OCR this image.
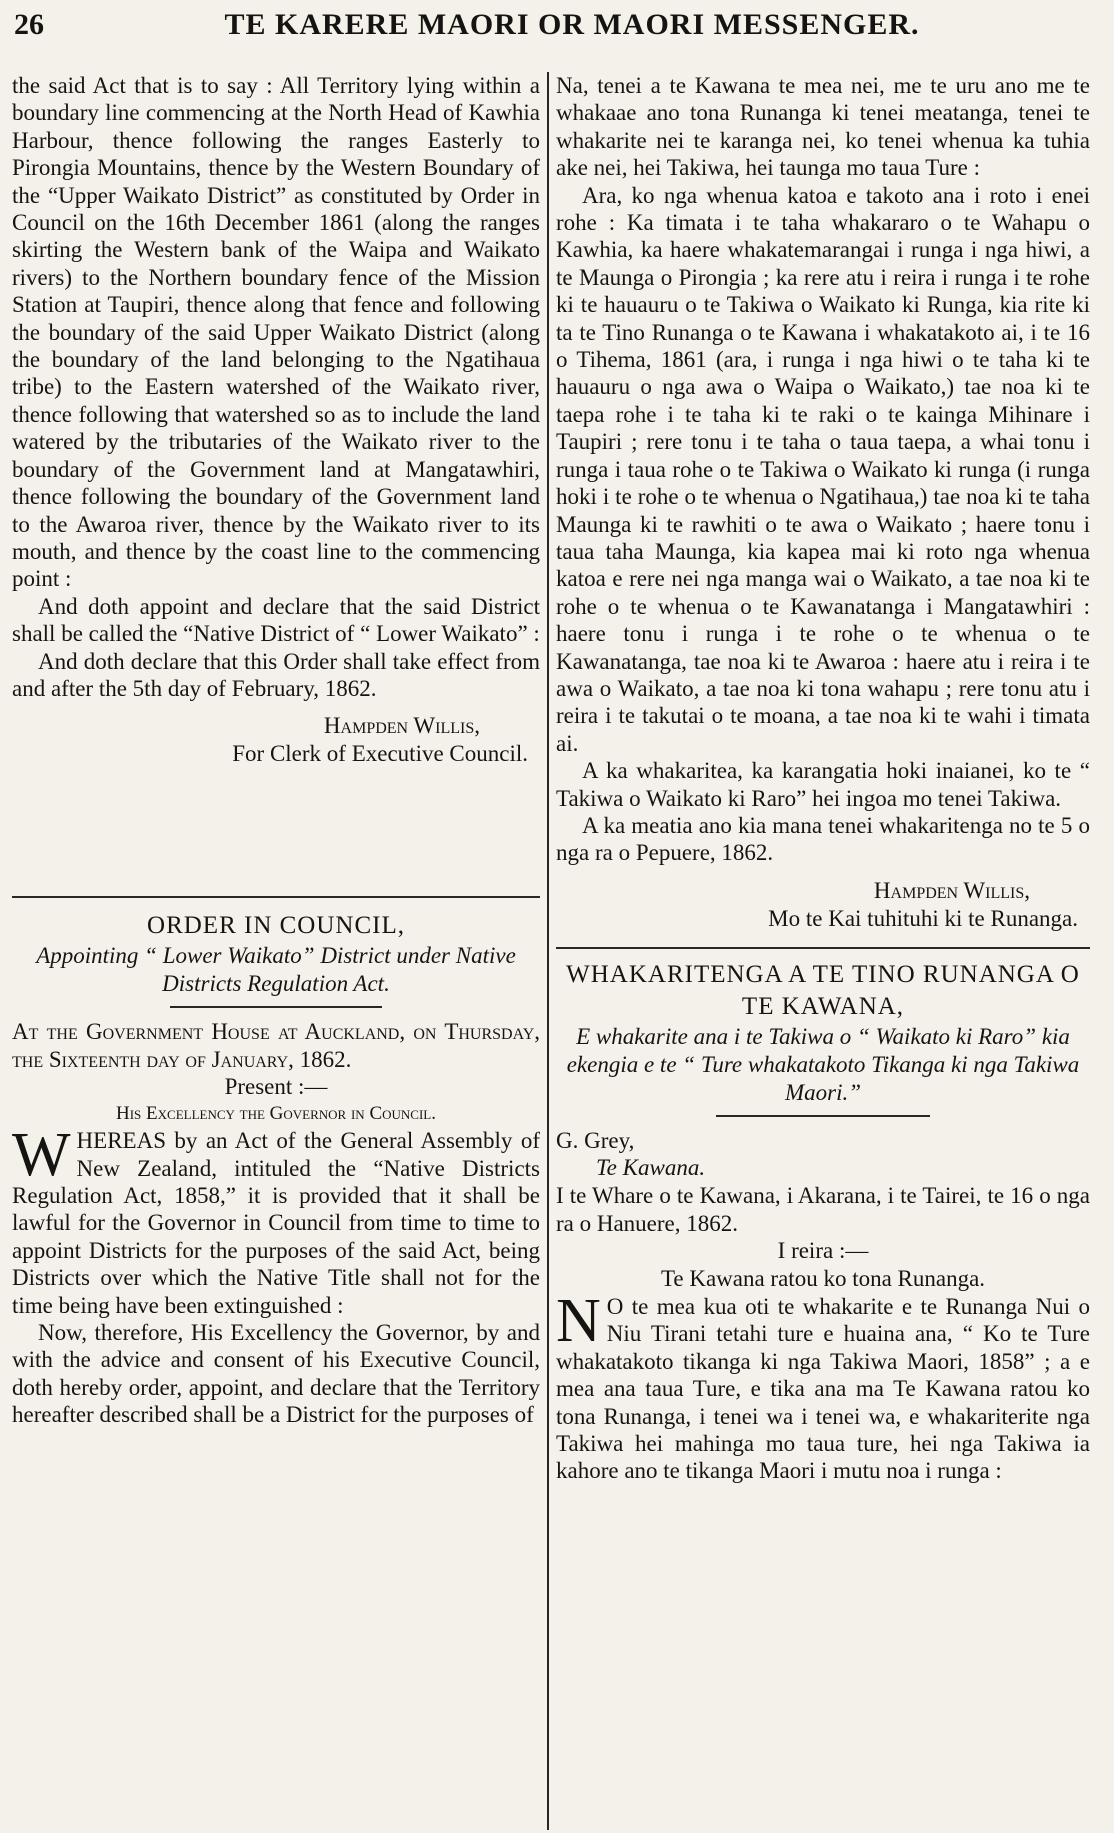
26	TE KARERE MAORI OR MAORI MESSENGER.

the said Act that is to say : All Territory lying within a boundary line commencing at the North Head of Kawhia Harbour, thence following the ranges Easterly to Pirongia Mountains, thence by the Western Boundary of the “Upper Waikato District” as constituted by Order in Council on the 16th December 1861 (along the ranges skirting the Western bank of the Waipa and Waikato rivers) to the Northern boundary fence of the Mission Station at Taupiri, thence along that fence and following the boundary of the said Upper Waikato District (along the boundary of the land belonging to the Ngatihaua tribe) to the Eastern watershed of the Waikato river, thence following that watershed so as to include the land watered by the tributaries of the Waikato river to the boundary of the Government land at Mangatawhiri, thence following the boundary of the Government land to the Awaroa river, thence by the Waikato river to its mouth, and thence by the coast line to the commencing point :

And doth appoint and declare that the said District shall be called the “Native District of “ Lower Waikato” :

And doth declare that this Order shall take effect from and after the 5th day of February, 1862.

Hampden Willis,

For Clerk of Executive Council.

ORDER IN COUNCIL,

Appointing “ Lower Waikato” District under Native Districts Regulation Act.

At the Government House at Auckland, on Thursday, the Sixteenth day of January, 1862.

Present :—

His Excellency the Governor in Council.

WHEREAS by an Act of the General Assembly of New Zealand, intituled the “Native Districts Regulation Act, 1858,” it is provided that it shall be lawful for the Governor in Council from time to time to appoint Districts for the purposes of the said Act, being Districts over which the Native Title shall not for the time being have been extinguished :

Now, therefore, His Excellency the Governor, by and with the advice and consent of his Executive Council, doth hereby order, appoint, and declare that the Territory hereafter described shall be a District for the purposes of

Na, tenei a te Kawana te mea nei, me te uru ano me te whakaae ano tona Runanga ki tenei meatanga, tenei te whakarite nei te karanga nei, ko tenei whenua ka tuhia ake nei, hei Takiwa, hei taunga mo taua Ture :

Ara, ko nga whenua katoa e takoto ana i roto i enei rohe : Ka timata i te taha whakararo o te Wahapu o Kawhia, ka haere whakatemarangai i runga i nga hiwi, a te Maunga o Pirongia ; ka rere atu i reira i runga i te rohe ki te hauauru o te Takiwa o Waikato ki Runga, kia rite ki ta te Tino Runanga o te Kawana i whakatakoto ai, i te 16 o Tihema, 1861 (ara, i runga i nga hiwi o te taha ki te hauauru o nga awa o Waipa o Waikato,) tae noa ki te taepa rohe i te taha ki te raki o te kainga Mihinare i Taupiri ; rere tonu i te taha o taua taepa, a whai tonu i runga i taua rohe o te Takiwa o Waikato ki runga (i runga hoki i te rohe o te whenua o Ngatihaua,) tae noa ki te taha Maunga ki te rawhiti o te awa o Waikato ; haere tonu i taua taha Maunga, kia kapea mai ki roto nga whenua katoa e rere nei nga manga wai o Waikato, a tae noa ki te rohe o te whenua o te Kawanatanga i Mangatawhiri : haere tonu i runga i te rohe o te whenua o te Kawanatanga, tae noa ki te Awaroa : haere atu i reira i te awa o Waikato, a tae noa ki tona wahapu ; rere tonu atu i reira i te takutai o te moana, a tae noa ki te wahi i timata ai.

A ka whakaritea, ka karangatia hoki inaianei, ko te “ Takiwa o Waikato ki Raro” hei ingoa mo tenei Takiwa.

A ka meatia ano kia mana tenei whakaritenga no te 5 o nga ra o Pepuere, 1862.

Hampden Willis,

Mo te Kai tuhituhi ki te Runanga.

WHAKARITENGA A TE TINO RUNANGA O TE KAWANA,

E whakarite ana i te Takiwa o “ Waikato ki Raro” kia ekengia e te “ Ture whakatakoto Tikanga ki nga Takiwa Maori.”

G. Grey,

Te Kawana.

I te Whare o te Kawana, i Akarana, i te Tairei, te 16 o nga ra o Hanuere, 1862.

I reira :—

Te Kawana ratou ko tona Runanga.

N O te mea kua oti te whakarite e te Runanga Nui o Niu Tirani tetahi ture e huaina ana, “ Ko te Ture whakatakoto tikanga ki nga Takiwa Maori, 1858” ; a e mea ana taua Ture, e tika ana ma Te Kawana ratou ko tona Runanga, i tenei wa i tenei wa, e whakariterite nga Takiwa hei mahinga mo taua ture, hei nga Takiwa ia kahore ano te tikanga Maori i mutu noa i runga :
